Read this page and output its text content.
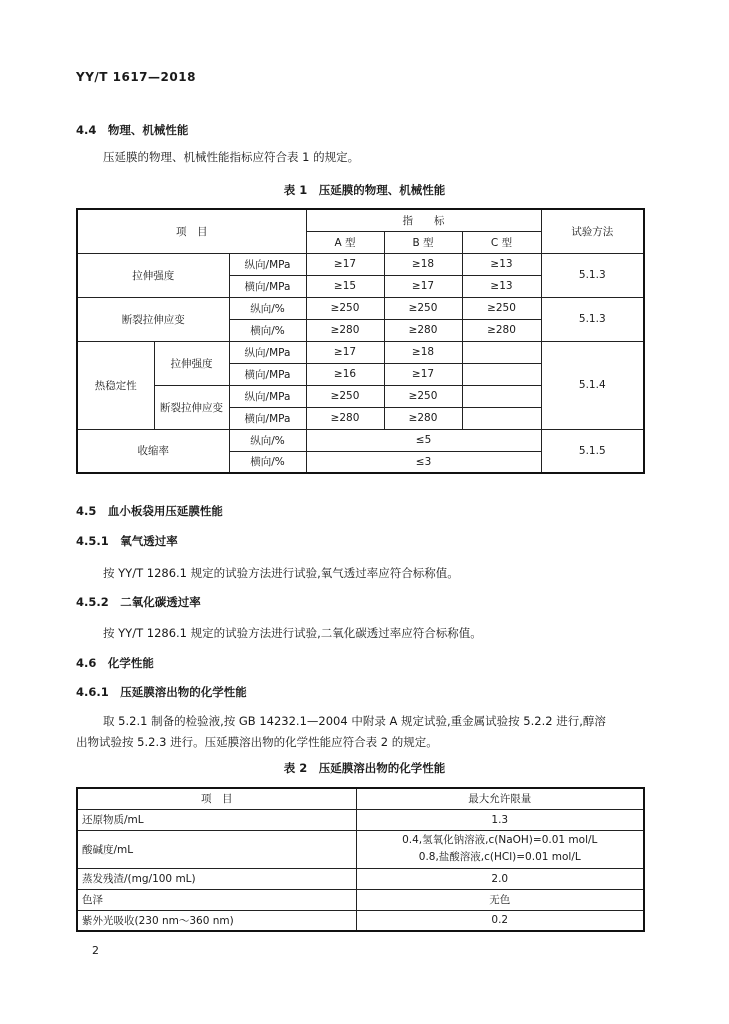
YY/T 1617—2018
4.4　物理、机械性能
压延膜的物理、机械性能指标应符合表 1 的规定。
表 1　压延膜的物理、机械性能
项　目			指　　标			试验方法
			A 型	B 型	C 型	
拉伸强度		纵向/MPa	≥17	≥18	≥13	5.1.3
		横向/MPa	≥15	≥17	≥13	
断裂拉伸应变		纵向/%	≥250	≥250	≥250	5.1.3
		横向/%	≥280	≥280	≥280	
热稳定性	拉伸强度	纵向/MPa	≥17	≥18		5.1.4
		横向/MPa	≥16	≥17		
	断裂拉伸应变	纵向/MPa	≥250	≥250		
		横向/MPa	≥280	≥280		
收缩率		纵向/%	≤5			5.1.5
		横向/%	≤3			
4.5　血小板袋用压延膜性能
4.5.1　氧气透过率
按 YY/T 1286.1 规定的试验方法进行试验,氧气透过率应符合标称值。
4.5.2　二氧化碳透过率
按 YY/T 1286.1 规定的试验方法进行试验,二氧化碳透过率应符合标称值。
4.6　化学性能
4.6.1　压延膜溶出物的化学性能
取 5.2.1 制备的检验液,按 GB 14232.1—2004 中附录 A 规定试验,重金属试验按 5.2.2 进行,醇溶
出物试验按 5.2.3 进行。压延膜溶出物的化学性能应符合表 2 的规定。
表 2　压延膜溶出物的化学性能
项　目	最大允许限量
还原物质/mL	1.3
酸碱度/mL	0.4,氢氧化钠溶液,c(NaOH)=0.01 mol/L
0.8,盐酸溶液,c(HCl)=0.01 mol/L

蒸发残渣/(mg/100 mL)	2.0
色泽	无色
紫外光吸收(230 nm～360 nm)	0.2
2
